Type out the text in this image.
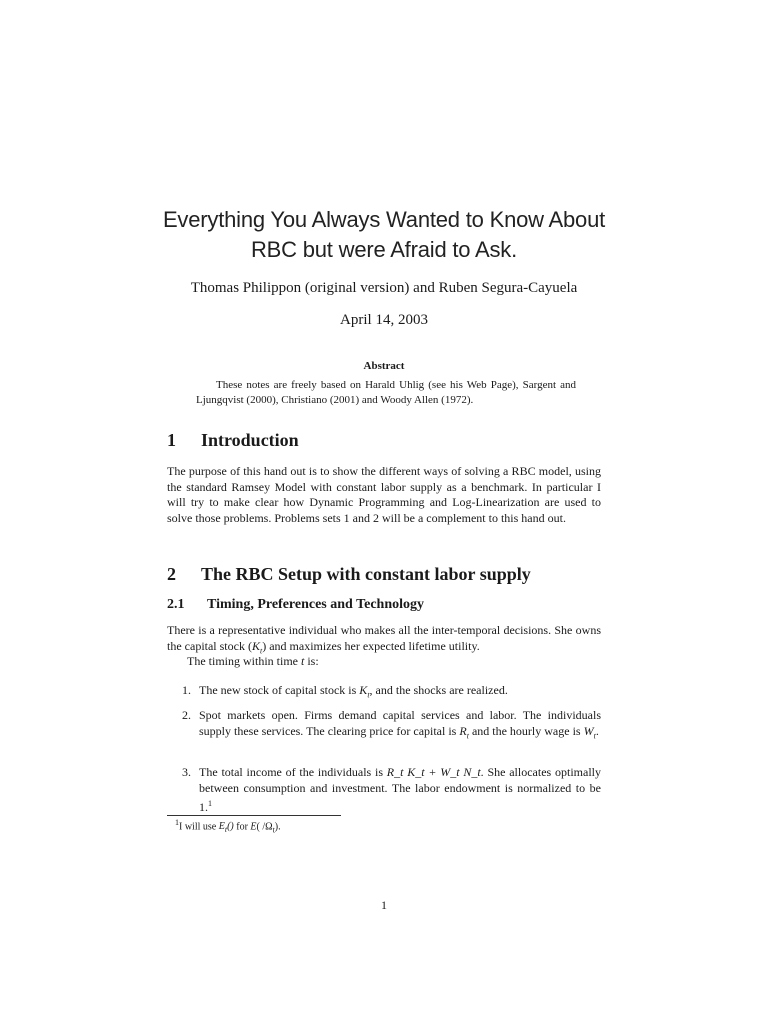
Everything You Always Wanted to Know About
RBC but were Afraid to Ask.
Thomas Philippon (original version) and Ruben Segura-Cayuela
April 14, 2003
Abstract
These notes are freely based on Harald Uhlig (see his Web Page), Sargent and Ljungqvist (2000), Christiano (2001) and Woody Allen (1972).
1 Introduction
The purpose of this hand out is to show the different ways of solving a RBC model, using the standard Ramsey Model with constant labor supply as a benchmark. In particular I will try to make clear how Dynamic Programming and Log-Linearization are used to solve those problems. Problems sets 1 and 2 will be a complement to this hand out.
2 The RBC Setup with constant labor supply
2.1 Timing, Preferences and Technology
There is a representative individual who makes all the inter-temporal decisions. She owns the capital stock $(K_t)$ and maximizes her expected lifetime utility.
The timing within time t is:
1. The new stock of capital stock is $K_t$, and the shocks are realized.
2. Spot markets open. Firms demand capital services and labor. The individuals supply these services. The clearing price for capital is $R_t$ and the hourly wage is $W_t$.
3. The total income of the individuals is R_t K_t + W_t N_t. She allocates optimally between consumption and investment. The labor endowment is normalized to be 1.$^1$
$^1$I will use $E_t()$ for E( $/\Omega_t$).
1
